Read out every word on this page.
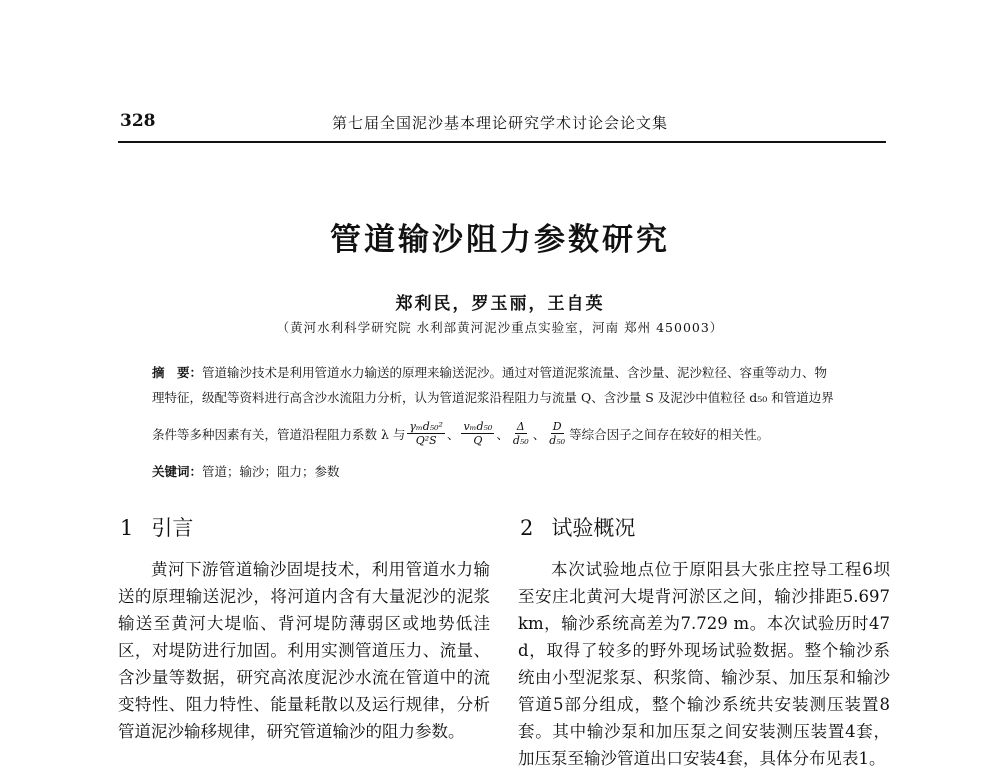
328	第七届全国泥沙基本理论研究学术讨论会论文集
管道输沙阻力参数研究
郑利民，罗玉丽，王自英
（黄河水利科学研究院 水利部黄河泥沙重点实验室，河南 郑州 450003）
摘　要：管道输沙技术是利用管道水力输送的原理来输送泥沙。通过对管道泥浆流量、含沙量、泥沙粒径、容重等动力、物
理特征，级配等资料进行高含沙水流阻力分析，认为管道泥浆沿程阻力与流量 Q、含沙量 S 及泥沙中值粒径 d₅₀ 和管道边界
条件等多种因素有关，管道沿程阻力系数 λ 与 $\frac{\text{γₘd₅₀²}}{\text{Q²S}}$ 、 $\frac{\text{vₘd₅₀}}{Q}$ 、 $\frac{\Delta}{\text{d₅₀}}$ 、 $\frac{D}{\text{d₅₀}}$ 等综合因子之间存在较好的相关性。
关键词：管道；输沙；阻力；参数
1 引言

黄河下游管道输沙固堤技术，利用管道水力输送的原理输送泥沙，将河道内含有大量泥沙的泥浆输送至黄河大堤临、背河堤防薄弱区或地势低洼区，对堤防进行加固。利用实测管道压力、流量、含沙量等数据，研究高浓度泥沙水流在管道中的流变特性、阻力特性、能量耗散以及运行规律，分析管道泥沙输移规律，研究管道输沙的阻力参数。

2 试验概况

本次试验地点位于原阳县大张庄控导工程6坝至安庄北黄河大堤背河淤区之间，输沙排距5.697 km，输沙系统高差为7.729 m。本次试验历时47 d，取得了较多的野外现场试验数据。整个输沙系统由小型泥浆泵、积浆筒、输沙泵、加压泵和输沙管道5部分组成，整个输沙系统共安装测压装置8套。其中输沙泵和加压泵之间安装测压装置4套，加压泵至输沙管道出口安装4套，具体分布见表1。
